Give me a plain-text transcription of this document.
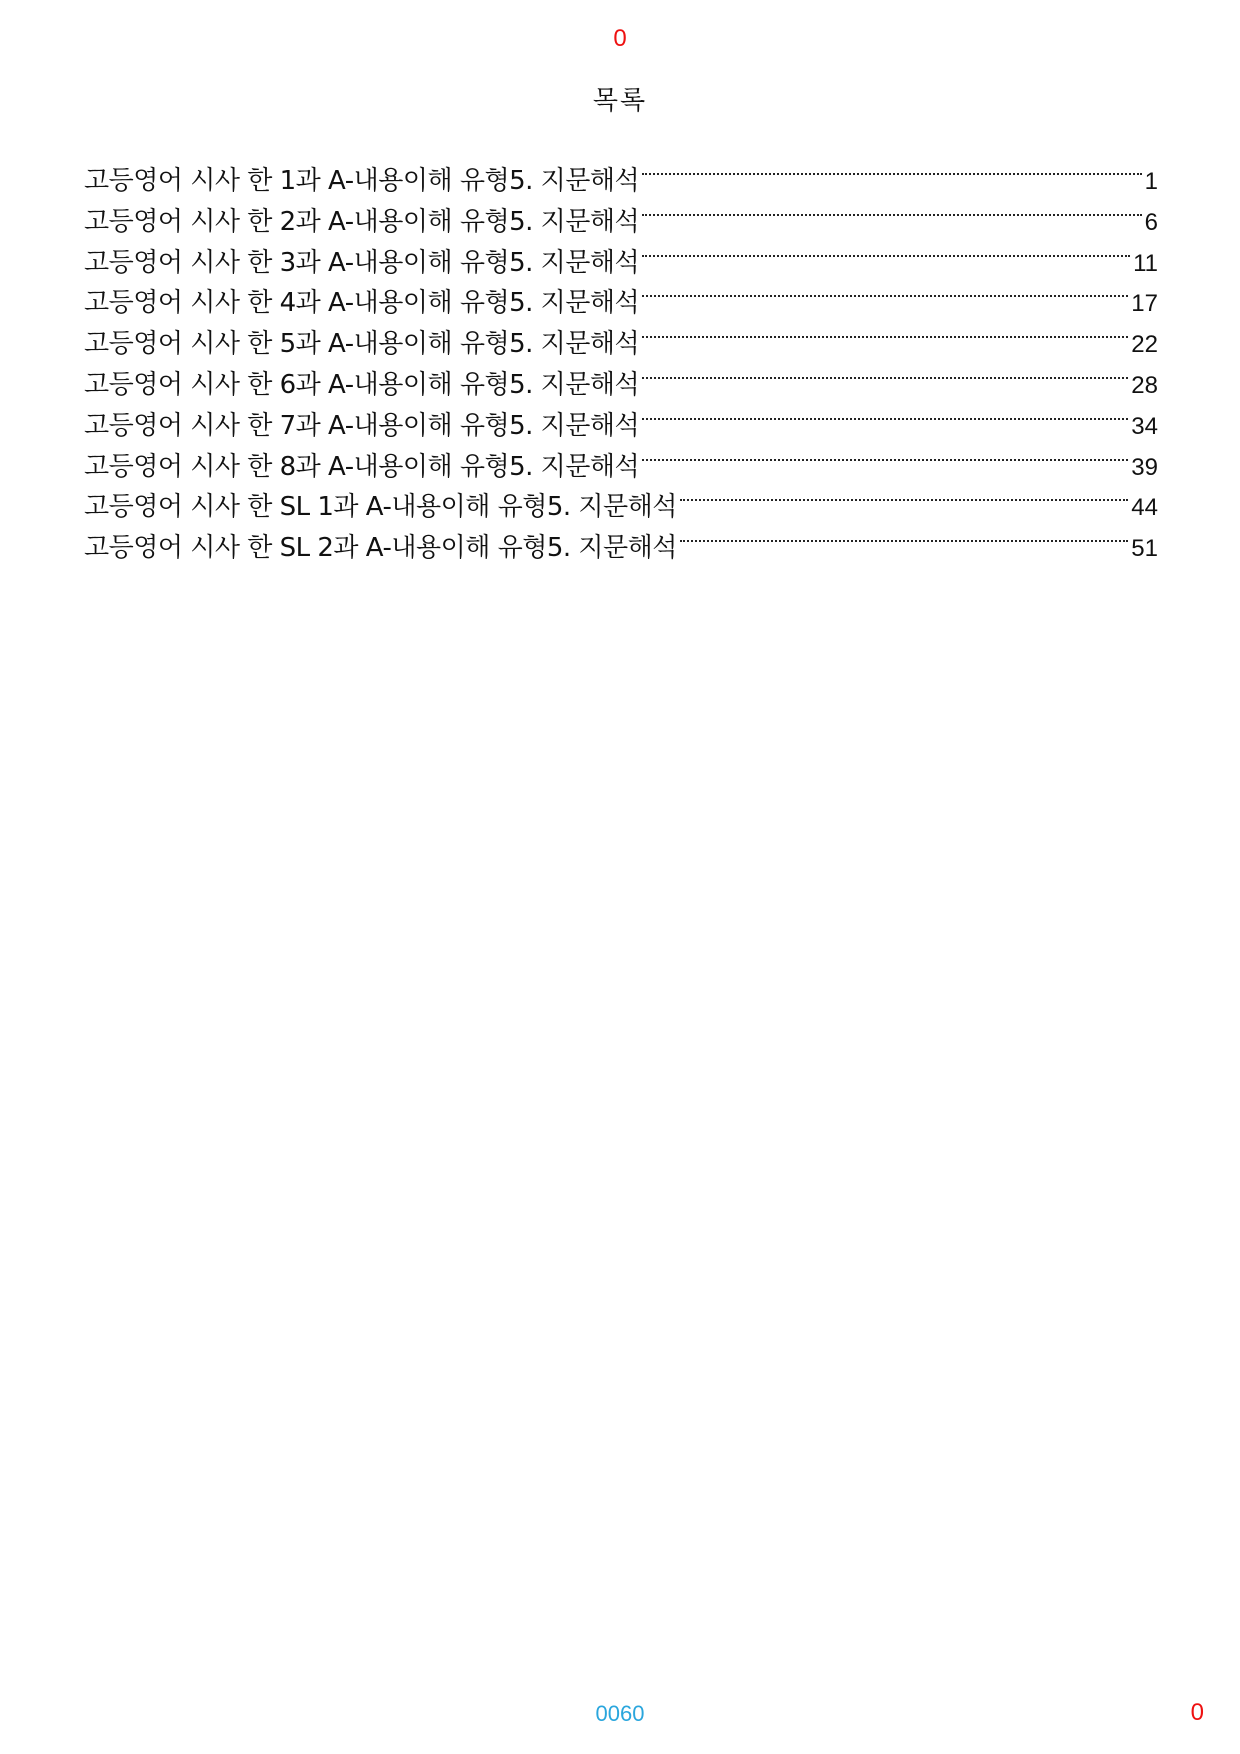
0
목록
고등영어 시사 한 1과 A-내용이해 유형5. 지문해석	1
고등영어 시사 한 2과 A-내용이해 유형5. 지문해석	6
고등영어 시사 한 3과 A-내용이해 유형5. 지문해석	11
고등영어 시사 한 4과 A-내용이해 유형5. 지문해석	17
고등영어 시사 한 5과 A-내용이해 유형5. 지문해석	22
고등영어 시사 한 6과 A-내용이해 유형5. 지문해석	28
고등영어 시사 한 7과 A-내용이해 유형5. 지문해석	34
고등영어 시사 한 8과 A-내용이해 유형5. 지문해석	39
고등영어 시사 한 SL 1과 A-내용이해 유형5. 지문해석	44
고등영어 시사 한 SL 2과 A-내용이해 유형5. 지문해석	51
0060	0
